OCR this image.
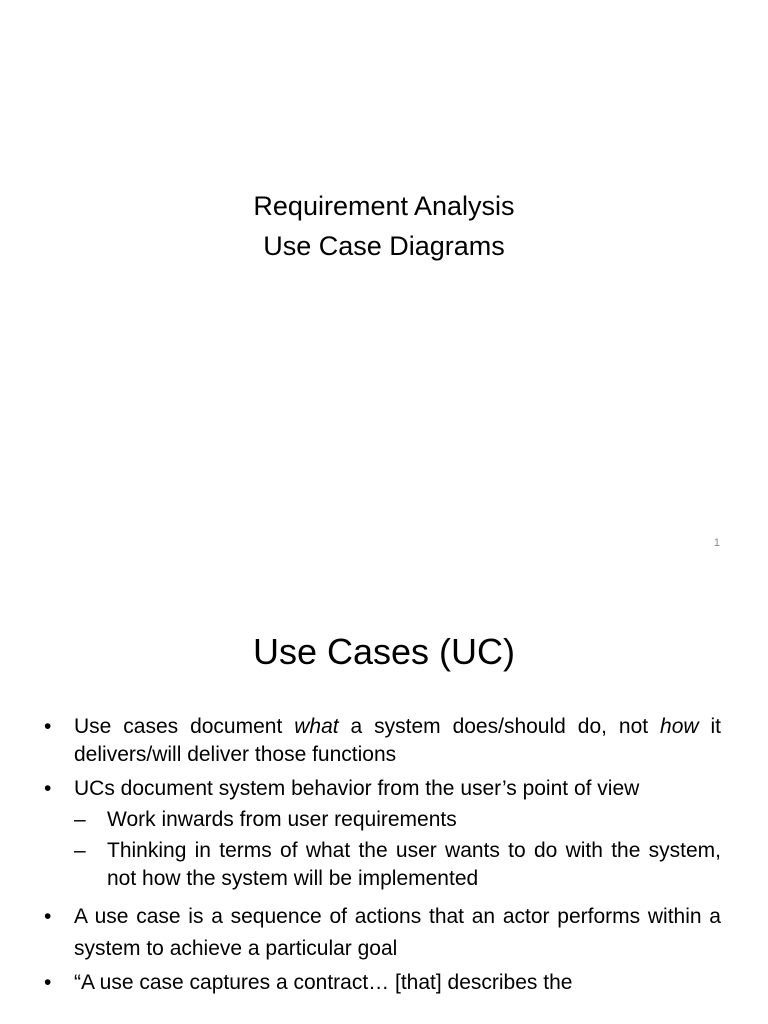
Requirement Analysis
Use Case Diagrams
1
Use Cases (UC)
• Use cases document what a system does/should do, not how it delivers/will deliver those functions
• UCs document system behavior from the user’s point of view
– Work inwards from user requirements
– Thinking in terms of what the user wants to do with the system, not how the system will be implemented
• A use case is a sequence of actions that an actor performs within a system to achieve a particular goal
• “A use case captures a contract… [that] describes the
